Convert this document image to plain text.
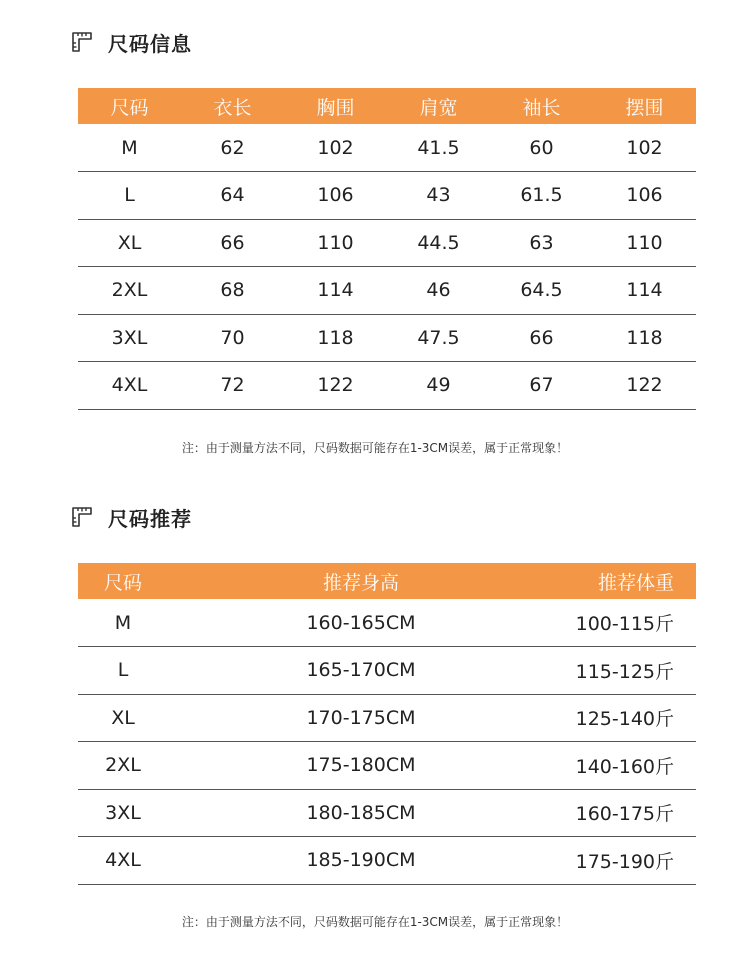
尺码信息
尺码	衣长	胸围	肩宽	袖长	摆围
M	62	102	41.5	60	102
L	64	106	43	61.5	106
XL	66	110	44.5	63	110
2XL	68	114	46	64.5	114
3XL	70	118	47.5	66	118
4XL	72	122	49	67	122
注：由于测量方法不同，尺码数据可能存在1-3CM误差，属于正常现象！
尺码推荐
尺码	推荐身高	推荐体重
M	160-165CM	100-115斤
L	165-170CM	115-125斤
XL	170-175CM	125-140斤
2XL	175-180CM	140-160斤
3XL	180-185CM	160-175斤
4XL	185-190CM	175-190斤
注：由于测量方法不同，尺码数据可能存在1-3CM误差，属于正常现象！
